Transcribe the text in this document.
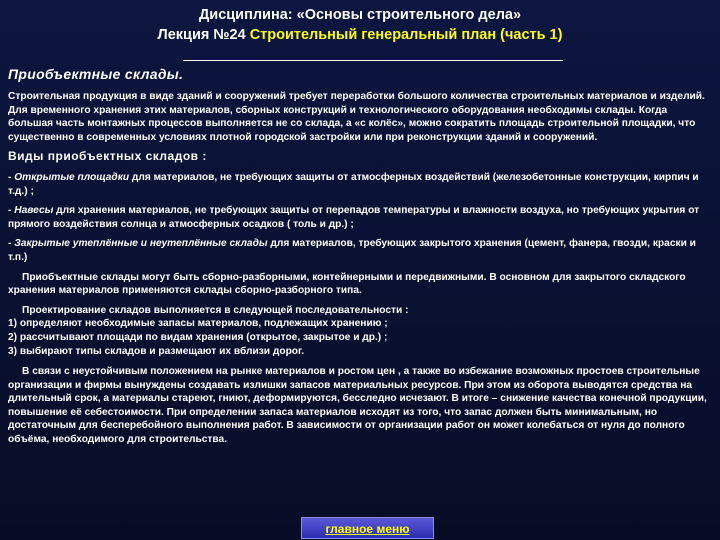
Дисциплина: «Основы строительного дела»
Лекция №24 Строительный генеральный план (часть 1)
Приобъектные склады.

Строительная продукция в виде зданий и сооружений требует переработки большого количества строительных материалов и изделий. Для временного хранения этих материалов, сборных конструкций и технологического оборудования необходимы склады. Когда большая часть монтажных процессов выполняется не со склада, а «с колёс», можно сократить площадь строительной площадки, что существенно в современных условиях плотной городской застройки или при реконструкции зданий и сооружений.

Виды приобъектных складов :

- Открытые площадки для материалов, не требующих защиты от атмосферных воздействий (железобетонные конструкции, кирпич и т.д.) ;

- Навесы для хранения материалов, не требующих защиты от перепадов температуры и влажности воздуха, но требующих укрытия от прямого воздействия солнца и атмосферных осадков ( толь и др.) ;

- Закрытые утеплённые и неутеплённые склады для материалов, требующих закрытого хранения (цемент, фанера, гвозди, краски и т.п.)

Приобъектные склады могут быть сборно-разборными, контейнерными и передвижными. В основном для закрытого складского хранения материалов применяются склады сборно-разборного типа.

Проектирование складов выполняется в следующей последовательности :

1) определяют необходимые запасы материалов, подлежащих хранению ;

2) рассчитывают площади по видам хранения (открытое, закрытое и др.) ;

3) выбирают типы складов и размещают их вблизи дорог.

В связи с неустойчивым положением на рынке материалов и ростом цен , а также во избежание возможных простоев строительные организации и фирмы вынуждены создавать излишки запасов материальных ресурсов. При этом из оборота выводятся средства на длительный срок, а материалы стареют, гниют, деформируются, бесследно исчезают. В итоге – снижение качества конечной продукции, повышение её себестоимости. При определении запаса материалов исходят из того, что запас должен быть минимальным, но достаточным для бесперебойного выполнения работ. В зависимости от организации работ он может колебаться от нуля до полного объёма, необходимого для строительства.

главное меню
